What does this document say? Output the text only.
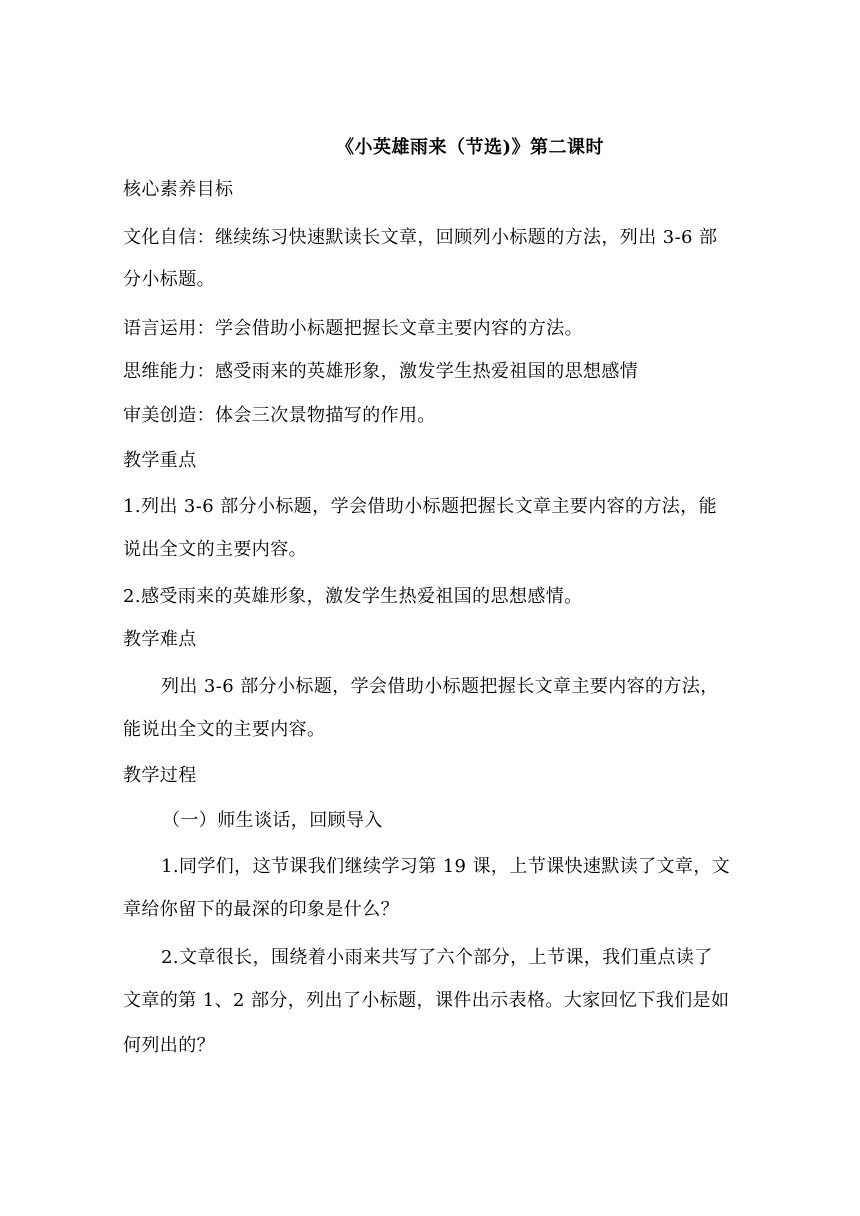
《小英雄雨来（节选)》第二课时
核心素养目标
文化自信：继续练习快速默读长文章，回顾列小标题的方法，列出 3-6 部
分小标题。
语言运用：学会借助小标题把握长文章主要内容的方法。
思维能力：感受雨来的英雄形象，激发学生热爱祖国的思想感情
审美创造：体会三次景物描写的作用。
教学重点
1.列出 3-6 部分小标题，学会借助小标题把握长文章主要内容的方法，能
说出全文的主要内容。
2.感受雨来的英雄形象，激发学生热爱祖国的思想感情。
教学难点
列出 3-6 部分小标题，学会借助小标题把握长文章主要内容的方法，
能说出全文的主要内容。
教学过程
（一）师生谈话，回顾导入
1.同学们，这节课我们继续学习第 19 课，上节课快速默读了文章，文
章给你留下的最深的印象是什么？
2.文章很长，围绕着小雨来共写了六个部分，上节课，我们重点读了
文章的第 1、2 部分，列出了小标题，课件出示表格。大家回忆下我们是如
何列出的？
